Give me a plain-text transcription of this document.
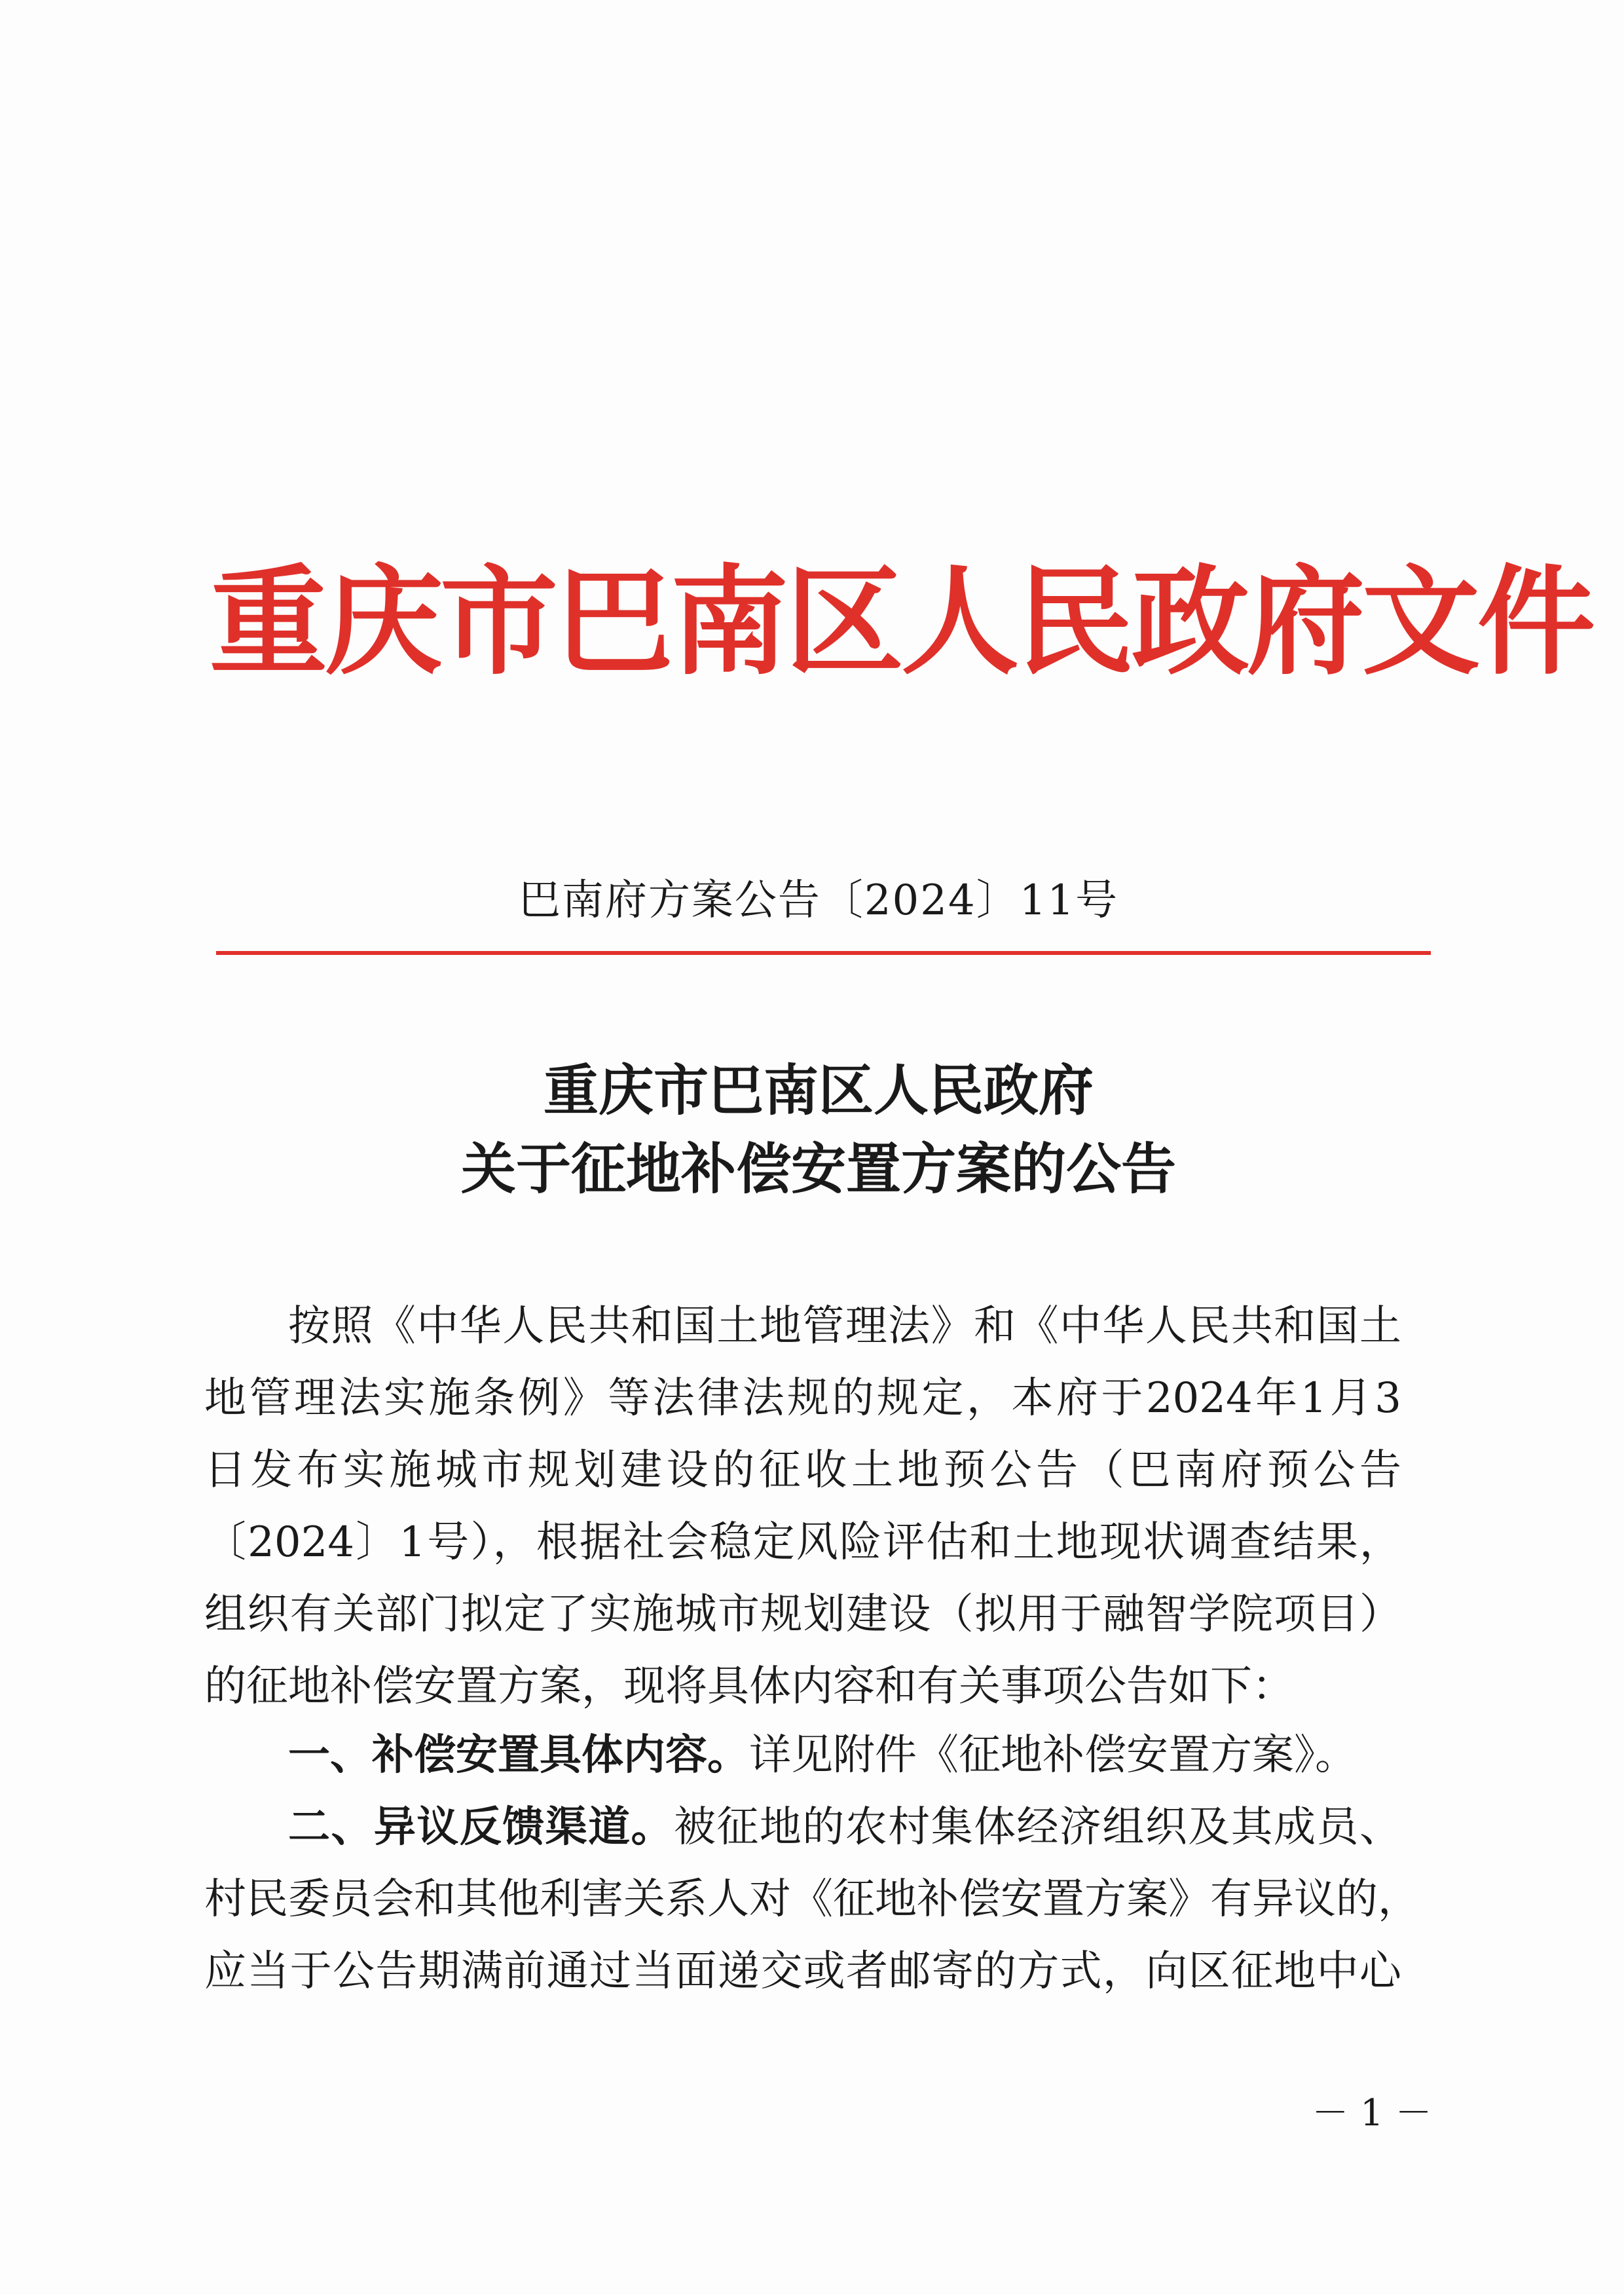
重庆市巴南区人民政府文件
巴南府方案公告〔2024〕11号
重庆市巴南区人民政府
关于征地补偿安置方案的公告

按照《中华人民共和国土地管理法》和《中华人民共和国土

地管理法实施条例》等法律法规的规定，本府于2024年1月3

日发布实施城市规划建设的征收土地预公告（巴南府预公告

〔2024〕1号），根据社会稳定风险评估和土地现状调查结果，

组织有关部门拟定了实施城市规划建设（拟用于融智学院项目）

的征地补偿安置方案，现将具体内容和有关事项公告如下：

一、补偿安置具体内容。详见附件《征地补偿安置方案》。

二、异议反馈渠道。被征地的农村集体经济组织及其成员、

村民委员会和其他利害关系人对《征地补偿安置方案》有异议的，

应当于公告期满前通过当面递交或者邮寄的方式，向区征地中心

－ 1 －
